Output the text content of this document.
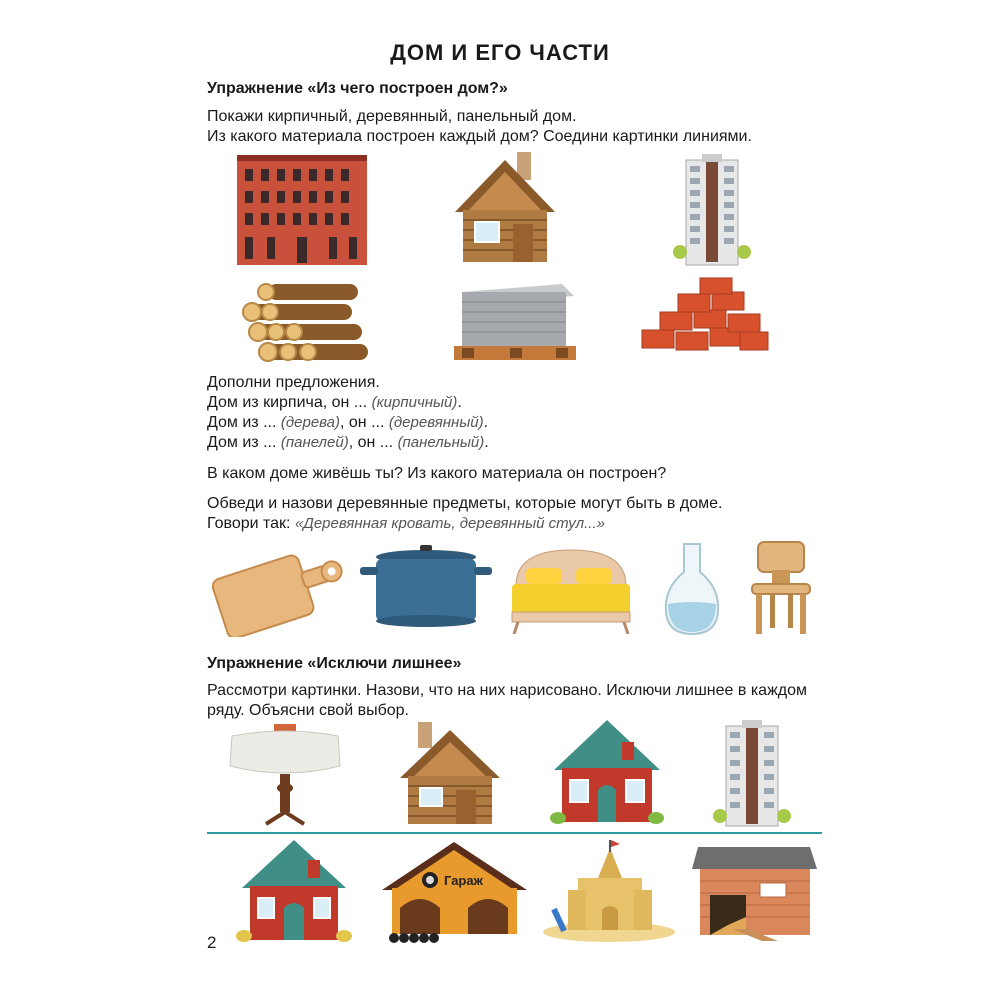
ДОМ И ЕГО ЧАСТИ
Упражнение «Из чего построен дом?»
Покажи кирпичный, деревянный, панельный дом.
Из какого материала построен каждый дом? Соедини картинки линиями.
Дополни предложения.
Дом из кирпича, он ... (кирпичный).
Дом из ... (дерева), он ... (деревянный).
Дом из ... (панелей), он ... (панельный).
В каком доме живёшь ты? Из какого материала он построен?
Обведи и назови деревянные предметы, которые могут быть в доме.
Говори так: «Деревянная кровать, деревянный стул...»
Упражнение «Исключи лишнее»
Рассмотри картинки. Назови, что на них нарисовано. Исключи лишнее в каждом
ряду. Объясни свой выбор.
Гараж
2
